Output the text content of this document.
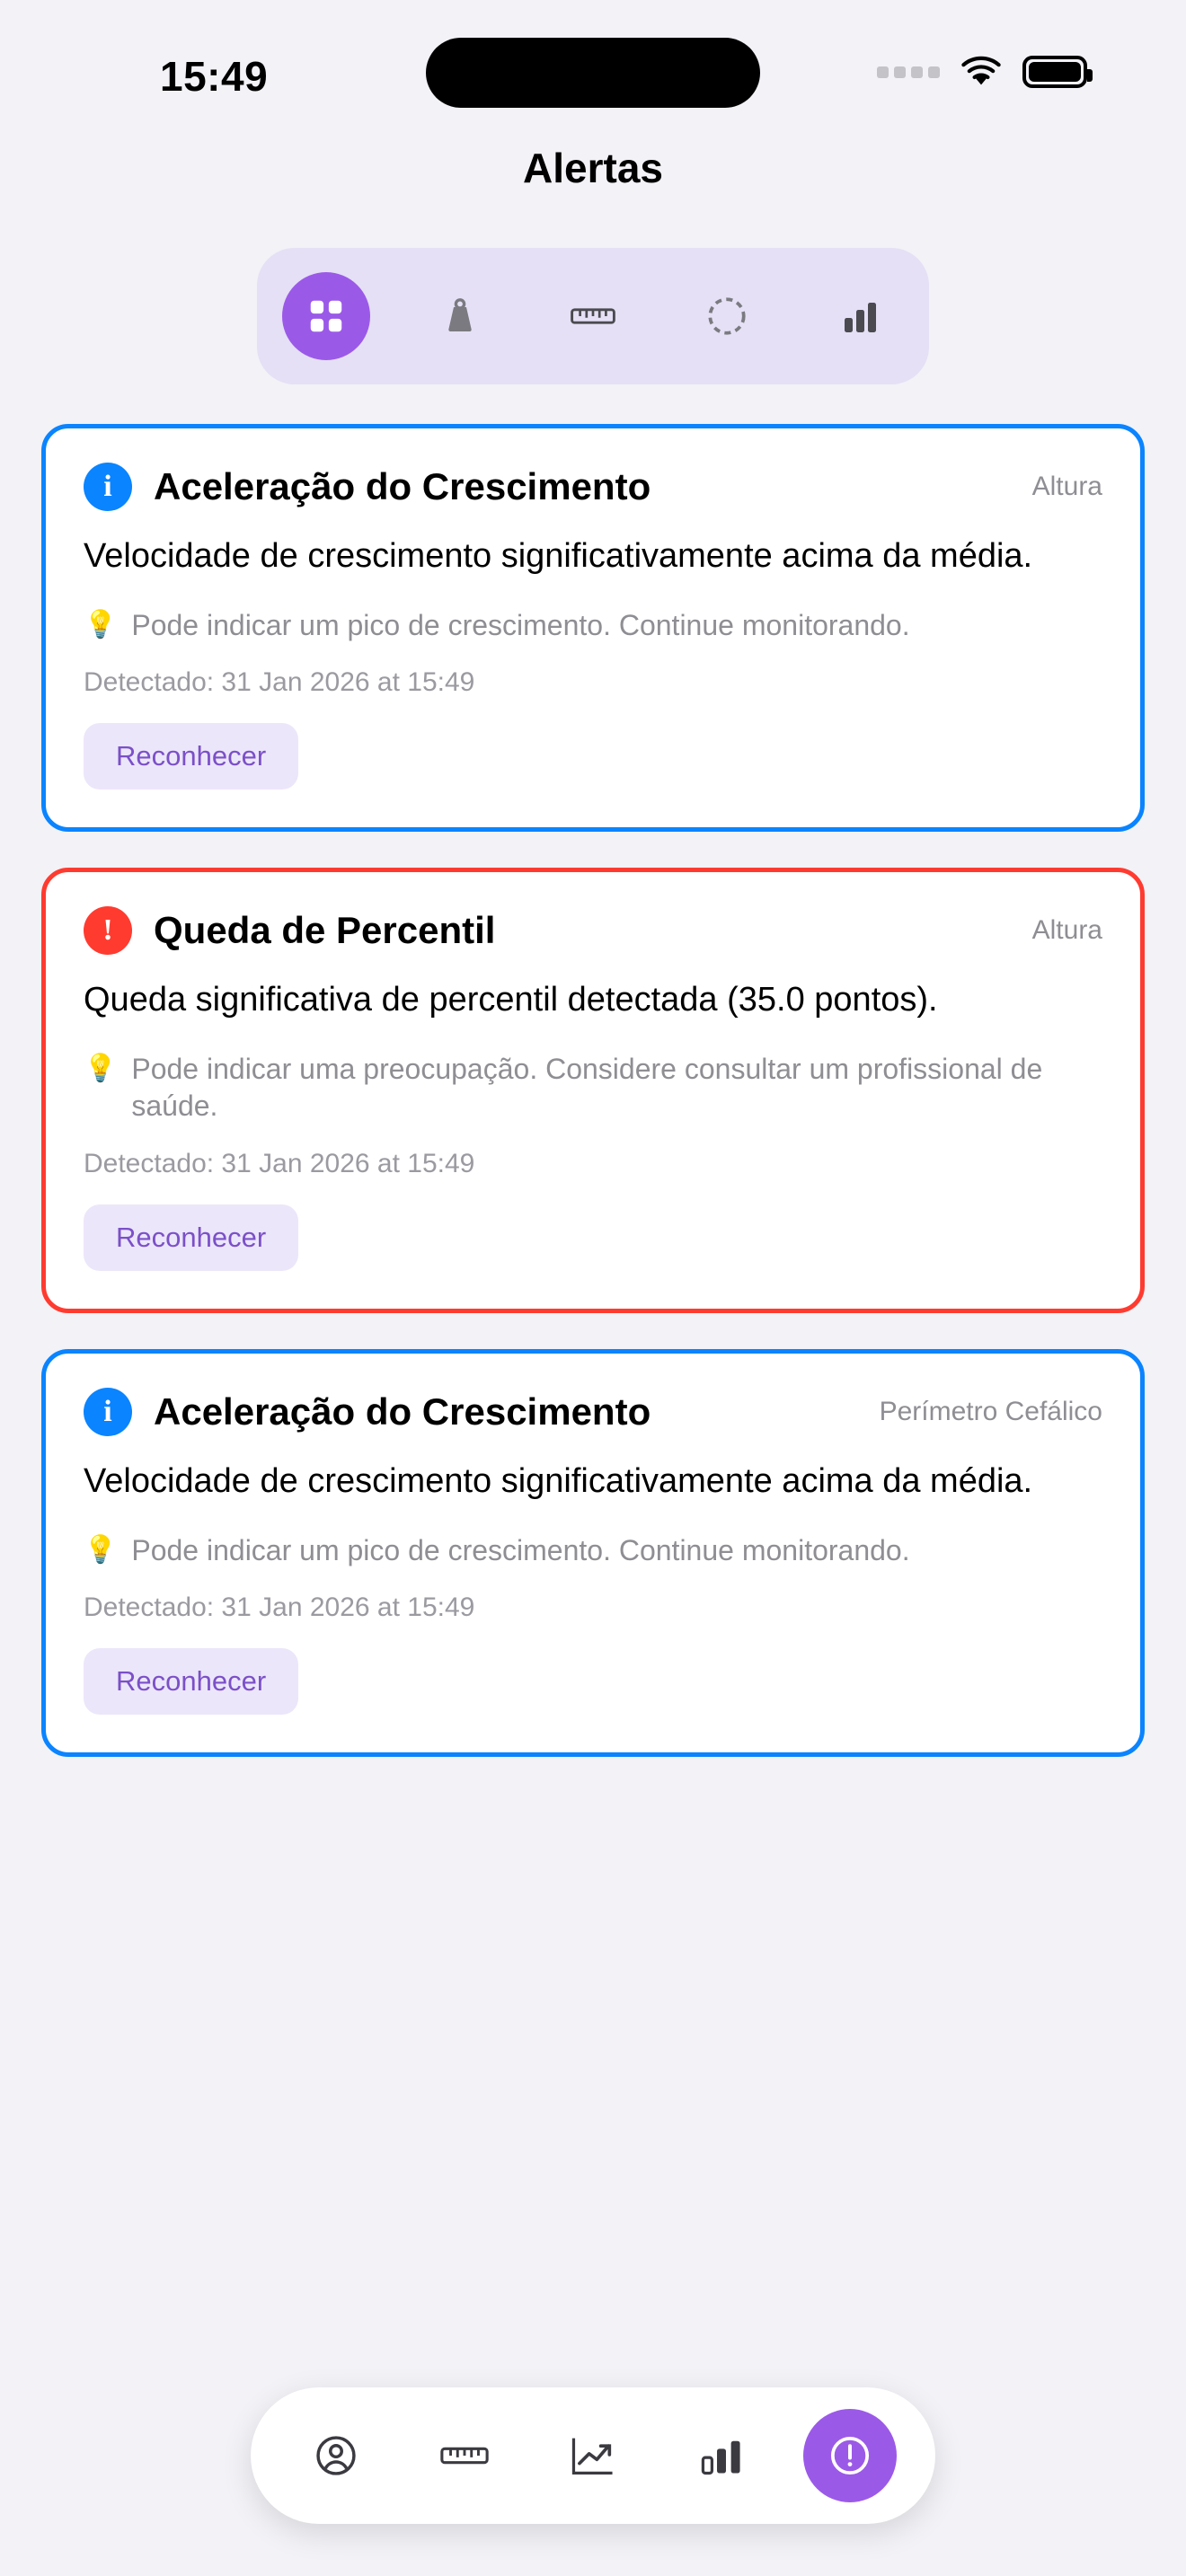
15:49
Alertas
i	Aceleração do Crescimento	Altura
Velocidade de crescimento significativamente acima da média.
💡 Pode indicar um pico de crescimento. Continue monitorando.
Detectado: 31 Jan 2026 at 15:49
Reconhecer
!	Queda de Percentil	Altura
Queda significativa de percentil detectada (35.0 pontos).
💡 Pode indicar uma preocupação. Considere consultar um profissional de saúde.
Detectado: 31 Jan 2026 at 15:49
Reconhecer
i	Aceleração do Crescimento	Perímetro Cefálico
Velocidade de crescimento significativamente acima da média.
💡 Pode indicar um pico de crescimento. Continue monitorando.
Detectado: 31 Jan 2026 at 15:49
Reconhecer
